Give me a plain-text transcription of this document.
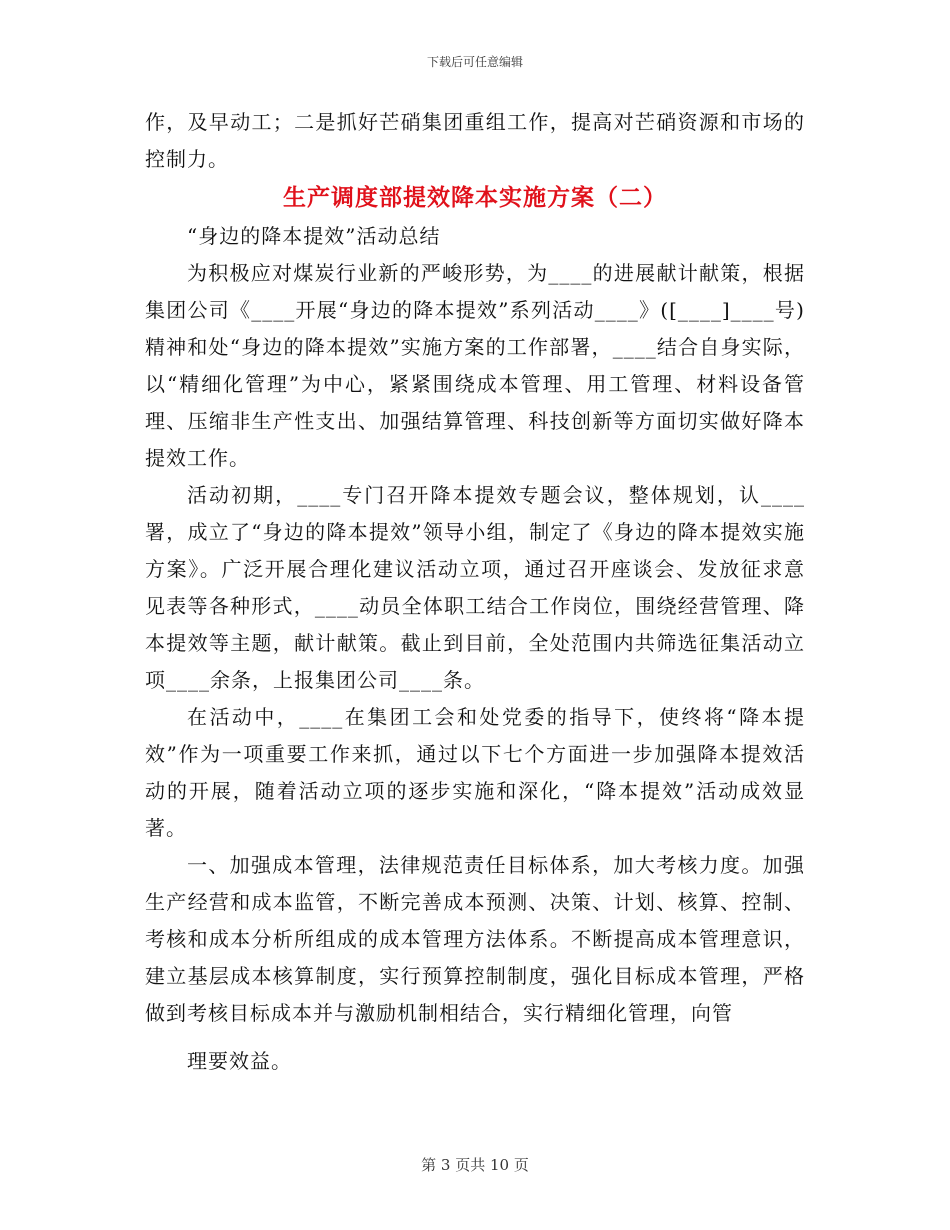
下载后可任意编辑

作，及早动工；二是抓好芒硝集团重组工作，提高对芒硝资源和市场的控制力。

生产调度部提效降本实施方案（二）

“身边的降本提效”活动总结

为积极应对煤炭行业新的严峻形势，为____的进展献计献策，根据集团公司《____开展“身边的降本提效”系列活动____》([____]____号)精神和处“身边的降本提效”实施方案的工作部署，____结合自身实际，以“精细化管理”为中心，紧紧围绕成本管理、用工管理、材料设备管理、压缩非生产性支出、加强结算管理、科技创新等方面切实做好降本提效工作。

活动初期，____专门召开降本提效专题会议，整体规划，认____署，成立了“身边的降本提效”领导小组，制定了《身边的降本提效实施方案》。广泛开展合理化建议活动立项，通过召开座谈会、发放征求意见表等各种形式，____动员全体职工结合工作岗位，围绕经营管理、降本提效等主题，献计献策。截止到目前，全处范围内共筛选征集活动立项____余条，上报集团公司____条。

在活动中，____在集团工会和处党委的指导下，使终将“降本提效”作为一项重要工作来抓，通过以下七个方面进一步加强降本提效活动的开展，随着活动立项的逐步实施和深化，“降本提效”活动成效显著。

一、加强成本管理，法律规范责任目标体系，加大考核力度。加强生产经营和成本监管，不断完善成本预测、决策、计划、核算、控制、考核和成本分析所组成的成本管理方法体系。不断提高成本管理意识，建立基层成本核算制度，实行预算控制制度，强化目标成本管理，严格做到考核目标成本并与激励机制相结合，实行精细化管理，向管

理要效益。

第 3 页共 10 页
